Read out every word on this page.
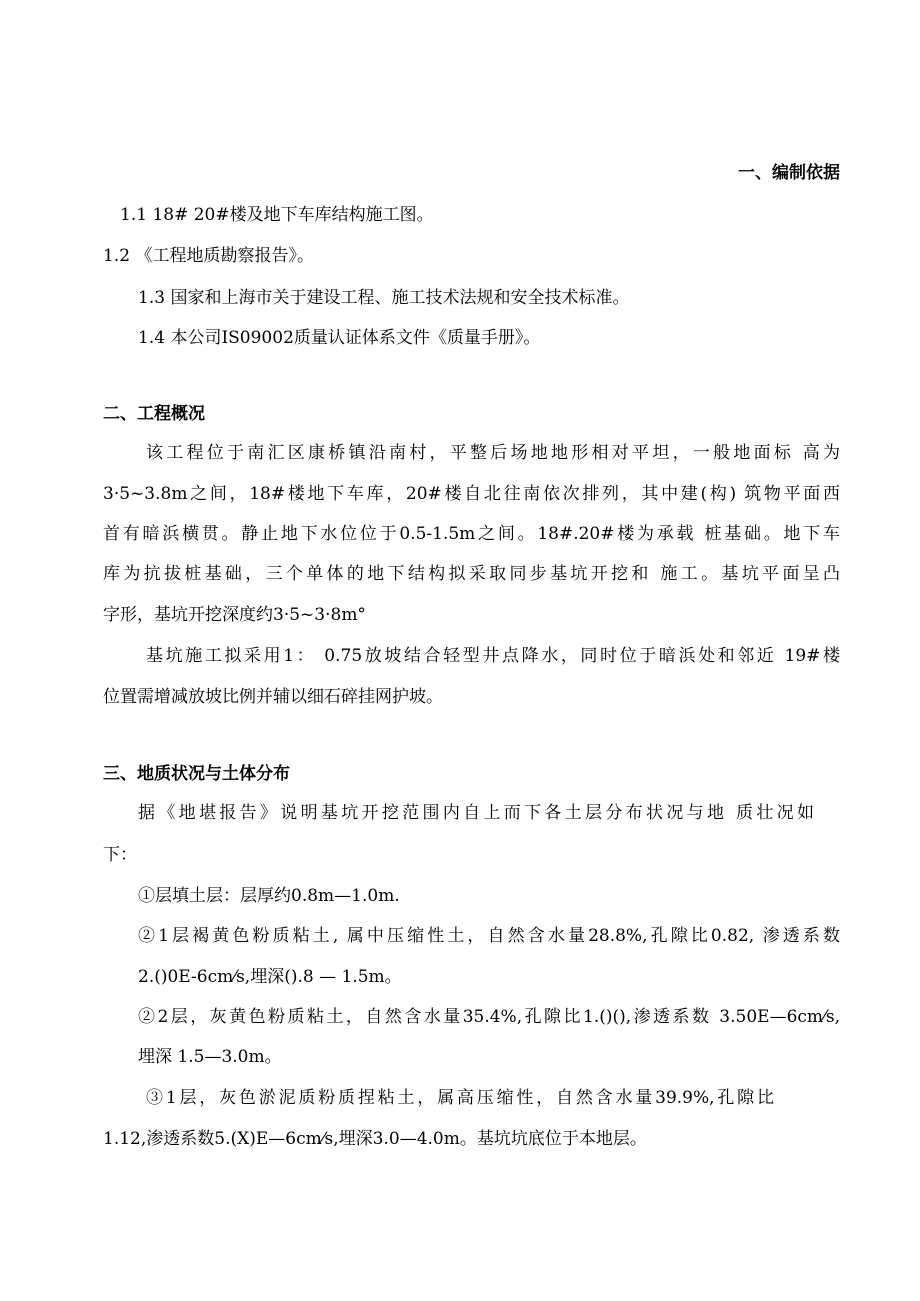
一、编制依据
1.1 18# 20#楼及地下车库结构施工图。
1.2 《工程地质勘察报告》。
1.3 国家和上海市关于建设工程、施工技术法规和安全技术标准。
1.4 本公司IS09002质量认证体系文件《质量手册》。
二、工程概况
该工程位于南汇区康桥镇沿南村，平整后场地地形相对平坦，一般地面标 高为
3·5~3.8m之间，18#楼地下车库，20#楼自北往南依次排列，其中建(构) 筑物平面西
首有暗浜横贯。静止地下水位位于0.5-1.5m之间。18#.20#楼为承载 桩基础。地下车
库为抗拔桩基础，三个单体的地下结构拟采取同步基坑开挖和 施工。基坑平面呈凸
字形，基坑开挖深度约3·5~3·8m°
基坑施工拟采用1： 0.75放坡结合轻型井点降水，同时位于暗浜处和邻近 19#楼
位置需增减放坡比例并辅以细石碎挂网护坡。
三、地质状况与土体分布
据《地堪报告》说明基坑开挖范围内自上而下各土层分布状况与地 质壮况如
下：
①层填土层：层厚约0.8m—1.0m.
②1层褐黄色粉质粘土, 属中压缩性土，自然含水量28.8%,孔隙比0.82, 渗透系数
2.()0E-6cm⁄s,埋深().8 — 1.5m。
②2层，灰黄色粉质粘土，自然含水量35.4%,孔隙比1.()(),渗透系数 3.50E—6cm⁄s,
埋深 1.5—3.0m。
③1层，灰色淤泥质粉质捏粘土，属高压缩性，自然含水量39.9%,孔隙比
1.12,渗透系数5.(X)E—6cm⁄s,埋深3.0—4.0m。基坑坑底位于本地层。
